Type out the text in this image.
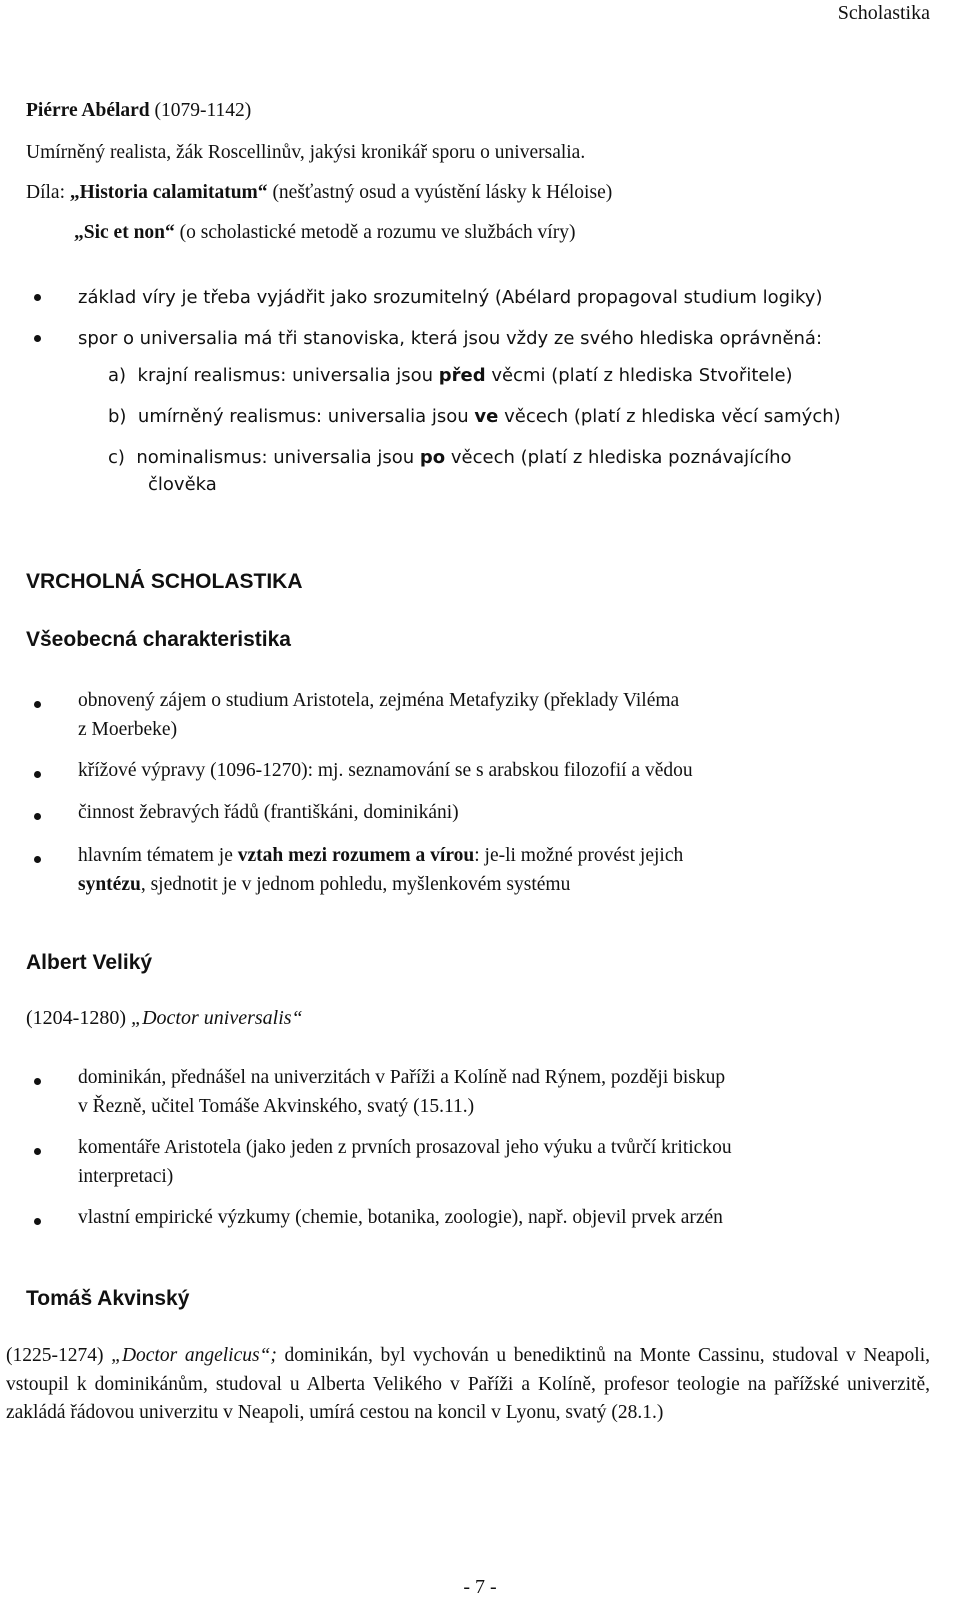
Scholastika
Piérre Abélard (1079-1142)
Umírněný realista, žák Roscellinův, jakýsi kronikář sporu o universalia.
Díla: „Historia calamitatum“ (nešťastný osud a vyústění lásky k Héloise)
„Sic et non“ (o scholastické metodě a rozumu ve službách víry)
základ víry je třeba vyjádřit jako srozumitelný (Abélard propagoval studium logiky)
spor o universalia má tři stanoviska, která jsou vždy ze svého hlediska oprávněná:
a) krajní realismus: universalia jsou před věcmi (platí z hlediska Stvořitele)
b) umírněný realismus: universalia jsou ve věcech (platí z hlediska věcí samých)
c) nominalismus: universalia jsou po věcech (platí z hlediska poznávajícího
člověka
VRCHOLNÁ SCHOLASTIKA
Všeobecná charakteristika
obnovený zájem o studium Aristotela, zejména Metafyziky (překlady Viléma
z Moerbeke)
křížové výpravy (1096-1270): mj. seznamování se s arabskou filozofií a vědou
činnost žebravých řádů (františkáni, dominikáni)
hlavním tématem je vztah mezi rozumem a vírou: je-li možné provést jejich
syntézu, sjednotit je v jednom pohledu, myšlenkovém systému
Albert Veliký
(1204-1280) „Doctor universalis“
dominikán, přednášel na univerzitách v Paříži a Kolíně nad Rýnem, později biskup
v Řezně, učitel Tomáše Akvinského, svatý (15.11.)
komentáře Aristotela (jako jeden z prvních prosazoval jeho výuku a tvůrčí kritickou
interpretaci)
vlastní empirické výzkumy (chemie, botanika, zoologie), např. objevil prvek arzén
Tomáš Akvinský
(1225-1274) „Doctor angelicus“; dominikán, byl vychován u benediktinů na Monte Cassinu, studoval v Neapoli, vstoupil k dominikánům, studoval u Alberta Velikého v Paříži a Kolíně, profesor teologie na pařížské univerzitě, zakládá řádovou univerzitu v Neapoli, umírá cestou na koncil v Lyonu, svatý (28.1.)
- 7 -
